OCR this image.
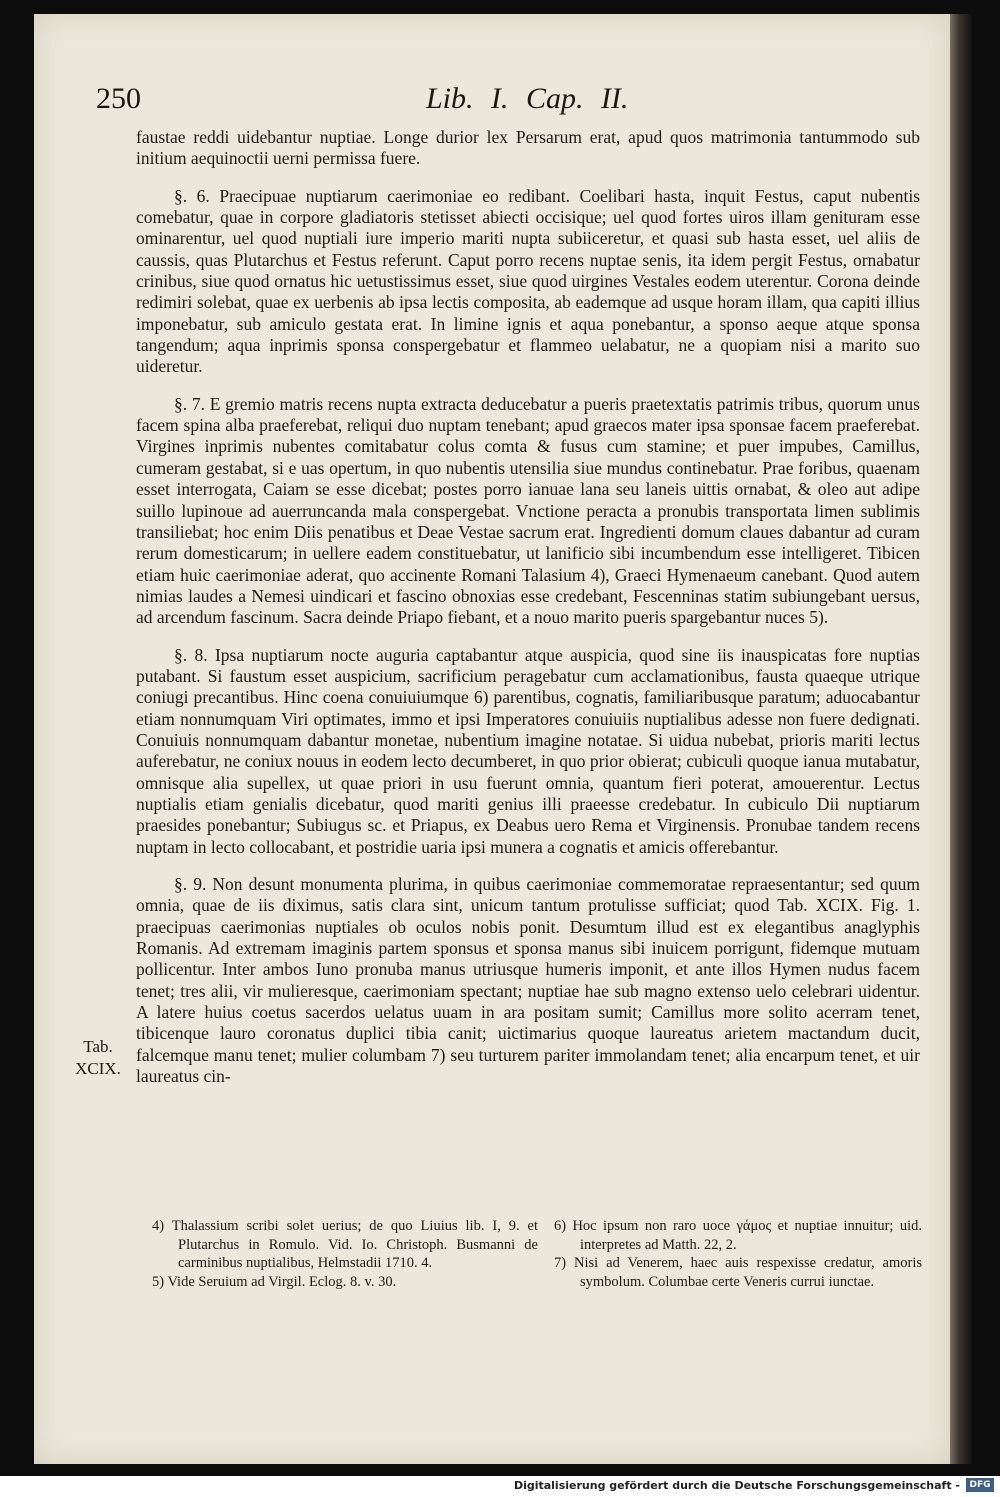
250	Lib. I. Cap. II.

faustae reddi uidebantur nuptiae. Longe durior lex Persarum erat, apud quos matrimonia tantummodo sub initium aequinoctii uerni permissa fuere.

§. 6. Praecipuae nuptiarum caerimoniae eo redibant. Coelibari hasta, inquit Festus, caput nubentis comebatur, quae in corpore gladiatoris stetisset abiecti occisique; uel quod fortes uiros illam genituram esse ominarentur, uel quod nuptiali iure imperio mariti nupta subiiceretur, et quasi sub hasta esset, uel aliis de caussis, quas Plutarchus et Festus referunt. Caput porro recens nuptae senis, ita idem pergit Festus, ornabatur crinibus, siue quod ornatus hic uetustissimus esset, siue quod uirgines Vestales eodem uterentur. Corona deinde redimiri solebat, quae ex uerbenis ab ipsa lectis composita, ab eademque ad usque horam illam, qua capiti illius imponebatur, sub amiculo gestata erat. In limine ignis et aqua ponebantur, a sponso aeque atque sponsa tangendum; aqua inprimis sponsa conspergebatur et flammeo uelabatur, ne a quopiam nisi a marito suo uideretur.

§. 7. E gremio matris recens nupta extracta deducebatur a pueris praetextatis patrimis tribus, quorum unus facem spina alba praeferebat, reliqui duo nuptam tenebant; apud graecos mater ipsa sponsae facem praeferebat. Virgines inprimis nubentes comitabatur colus comta & fusus cum stamine; et puer impubes, Camillus, cumeram gestabat, si e uas opertum, in quo nubentis utensilia siue mundus continebatur. Prae foribus, quaenam esset interrogata, Caiam se esse dicebat; postes porro ianuae lana seu laneis uittis ornabat, & oleo aut adipe suillo lupinoue ad auerruncanda mala conspergebat. Vnctione peracta a pronubis transportata limen sublimis transiliebat; hoc enim Diis penatibus et Deae Vestae sacrum erat. Ingredienti domum claues dabantur ad curam rerum domesticarum; in uellere eadem constituebatur, ut lanificio sibi incumbendum esse intelligeret. Tibicen etiam huic caerimoniae aderat, quo accinente Romani Talasium 4), Graeci Hymenaeum canebant. Quod autem nimias laudes a Nemesi uindicari et fascino obnoxias esse credebant, Fescenninas statim subiungebant uersus, ad arcendum fascinum. Sacra deinde Priapo fiebant, et a nouo marito pueris spargebantur nuces 5).

§. 8. Ipsa nuptiarum nocte auguria captabantur atque auspicia, quod sine iis inauspicatas fore nuptias putabant. Si faustum esset auspicium, sacrificium peragebatur cum acclamationibus, fausta quaeque utrique coniugi precantibus. Hinc coena conuiuiumque 6) parentibus, cognatis, familiaribusque paratum; aduocabantur etiam nonnumquam Viri optimates, immo et ipsi Imperatores conuiuiis nuptialibus adesse non fuere dedignati. Conuiuis nonnumquam dabantur monetae, nubentium imagine notatae. Si uidua nubebat, prioris mariti lectus auferebatur, ne coniux nouus in eodem lecto decumberet, in quo prior obierat; cubiculi quoque ianua mutabatur, omnisque alia supellex, ut quae priori in usu fuerunt omnia, quantum fieri poterat, amouerentur. Lectus nuptialis etiam genialis dicebatur, quod mariti genius illi praeesse credebatur. In cubiculo Dii nuptiarum praesides ponebantur; Subiugus sc. et Priapus, ex Deabus uero Rema et Virginensis. Pronubae tandem recens nuptam in lecto collocabant, et postridie uaria ipsi munera a cognatis et amicis offerebantur.

§. 9. Non desunt monumenta plurima, in quibus caerimoniae commemoratae repraesentantur; sed quum omnia, quae de iis diximus, satis clara sint, unicum tantum protulisse sufficiat; quod Tab. XCIX. Fig. 1. praecipuas caerimonias nuptiales ob oculos nobis ponit. Desumtum illud est ex elegantibus anaglyphis Romanis. Ad extremam imaginis partem sponsus et sponsa manus sibi inuicem porrigunt, fidemque mutuam pollicentur. Inter ambos Iuno pronuba manus utriusque humeris imponit, et ante illos Hymen nudus facem tenet; tres alii, vir mulieresque, caerimoniam spectant; nuptiae hae sub magno extenso uelo celebrari uidentur. A latere huius coetus sacerdos uelatus uuam in ara positam sumit; Camillus more solito acerram tenet, tibicenque lauro coronatus duplici tibia canit; uictimarius quoque laureatus arietem mactandum ducit, falcemque manu tenet; mulier columbam 7) seu turturem pariter immolandam tenet; alia encarpum tenet, et uir laureatus cin-

Tab.
XCIX.

4) Thalassium scribi solet uerius; de quo Liuius lib. I, 9. et Plutarchus in Romulo. Vid. Io. Christoph. Busmanni de carminibus nuptialibus, Helmstadii 1710. 4.

5) Vide Seruium ad Virgil. Eclog. 8. v. 30.

6) Hoc ipsum non raro uoce γάμος et nuptiae innuitur; uid. interpretes ad Matth. 22, 2.

7) Nisi ad Venerem, haec auis respexisse credatur, amoris symbolum. Columbae certe Veneris currui iunctae.

Digitalisierung gefördert durch die Deutsche Forschungsgemeinschaft -	DFG
